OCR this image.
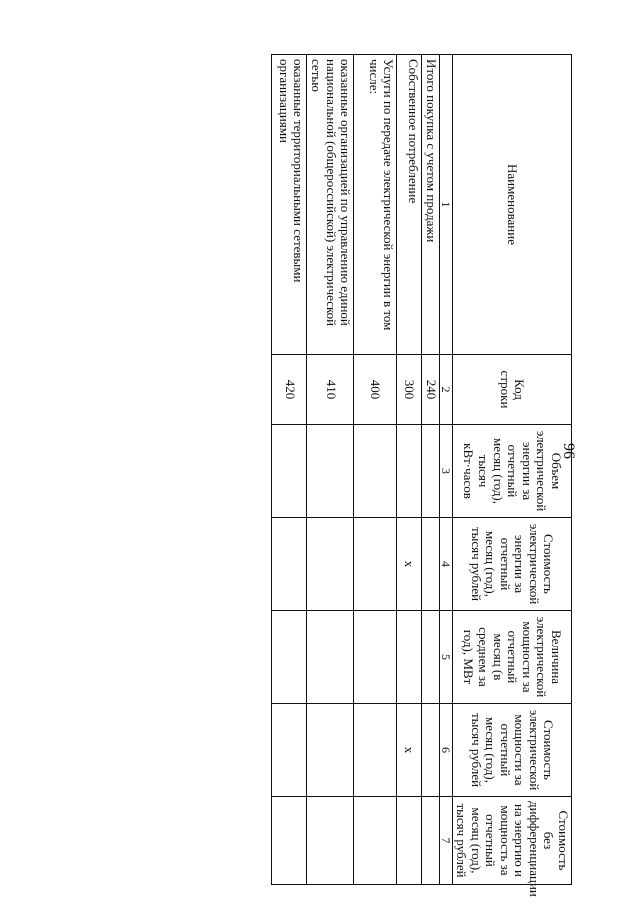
96
Наименование	Код строки	Объем электрической энергии за отчетный месяц (год), тысяч кВт·часов	Стоимость электрической энергии за отчетный месяц (год), тысяч рублей	Величина электрической мощности за отчетный месяц (в среднем за год), МВт	Стоимость электрической мощности за отчетный месяц (год), тысяч рублей	Стоимость без дифференциации на энергию и мощность за отчетный месяц (год), тысяч рублей
1	2	3	4	5	6	7
Итого покупка с учетом продажи	240					
Собственное потребление	300		x		x	
Услуги по передаче электрической энергии в том числе:	400					
оказанные организацией по управлению единой национальной (общероссийской) электрической сетью	410					
оказанные территориальными сетевыми организациями	420					
